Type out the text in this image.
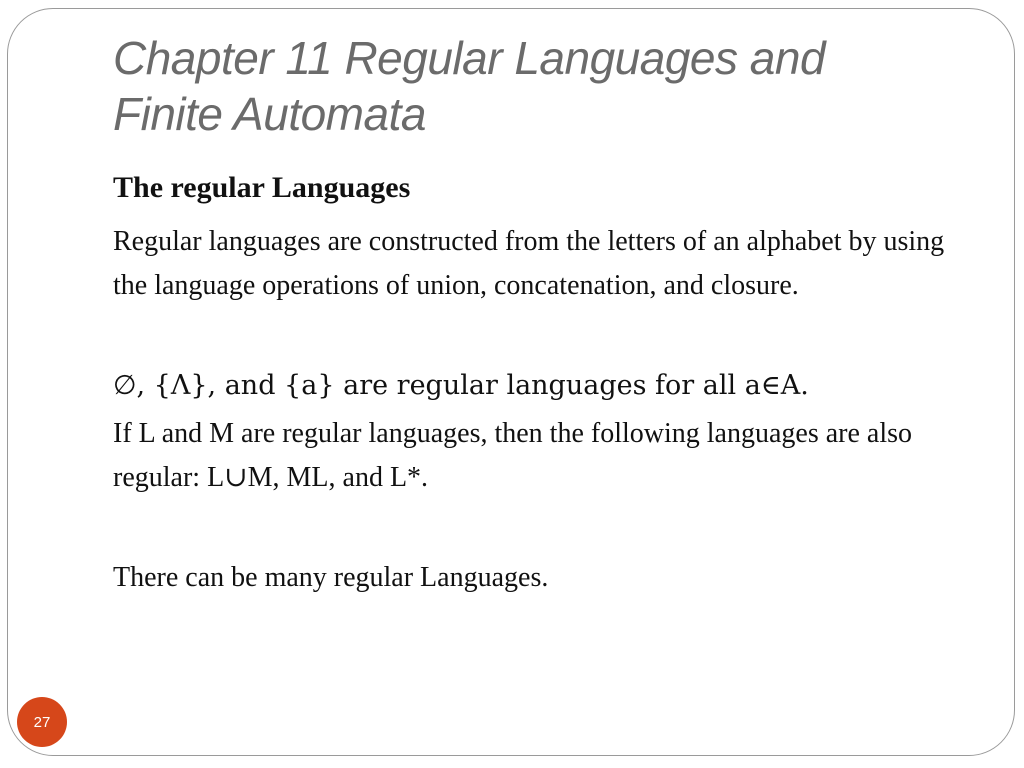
Chapter 11 Regular Languages and Finite Automata
The regular Languages

Regular languages are constructed from the letters of an alphabet by using the language operations of union, concatenation, and closure.

∅, {Λ}, and {a} are regular languages for all a∈A.

If L and M are regular languages, then the following languages are also regular: L∪M, ML, and L*.

There can be many regular Languages.

27
